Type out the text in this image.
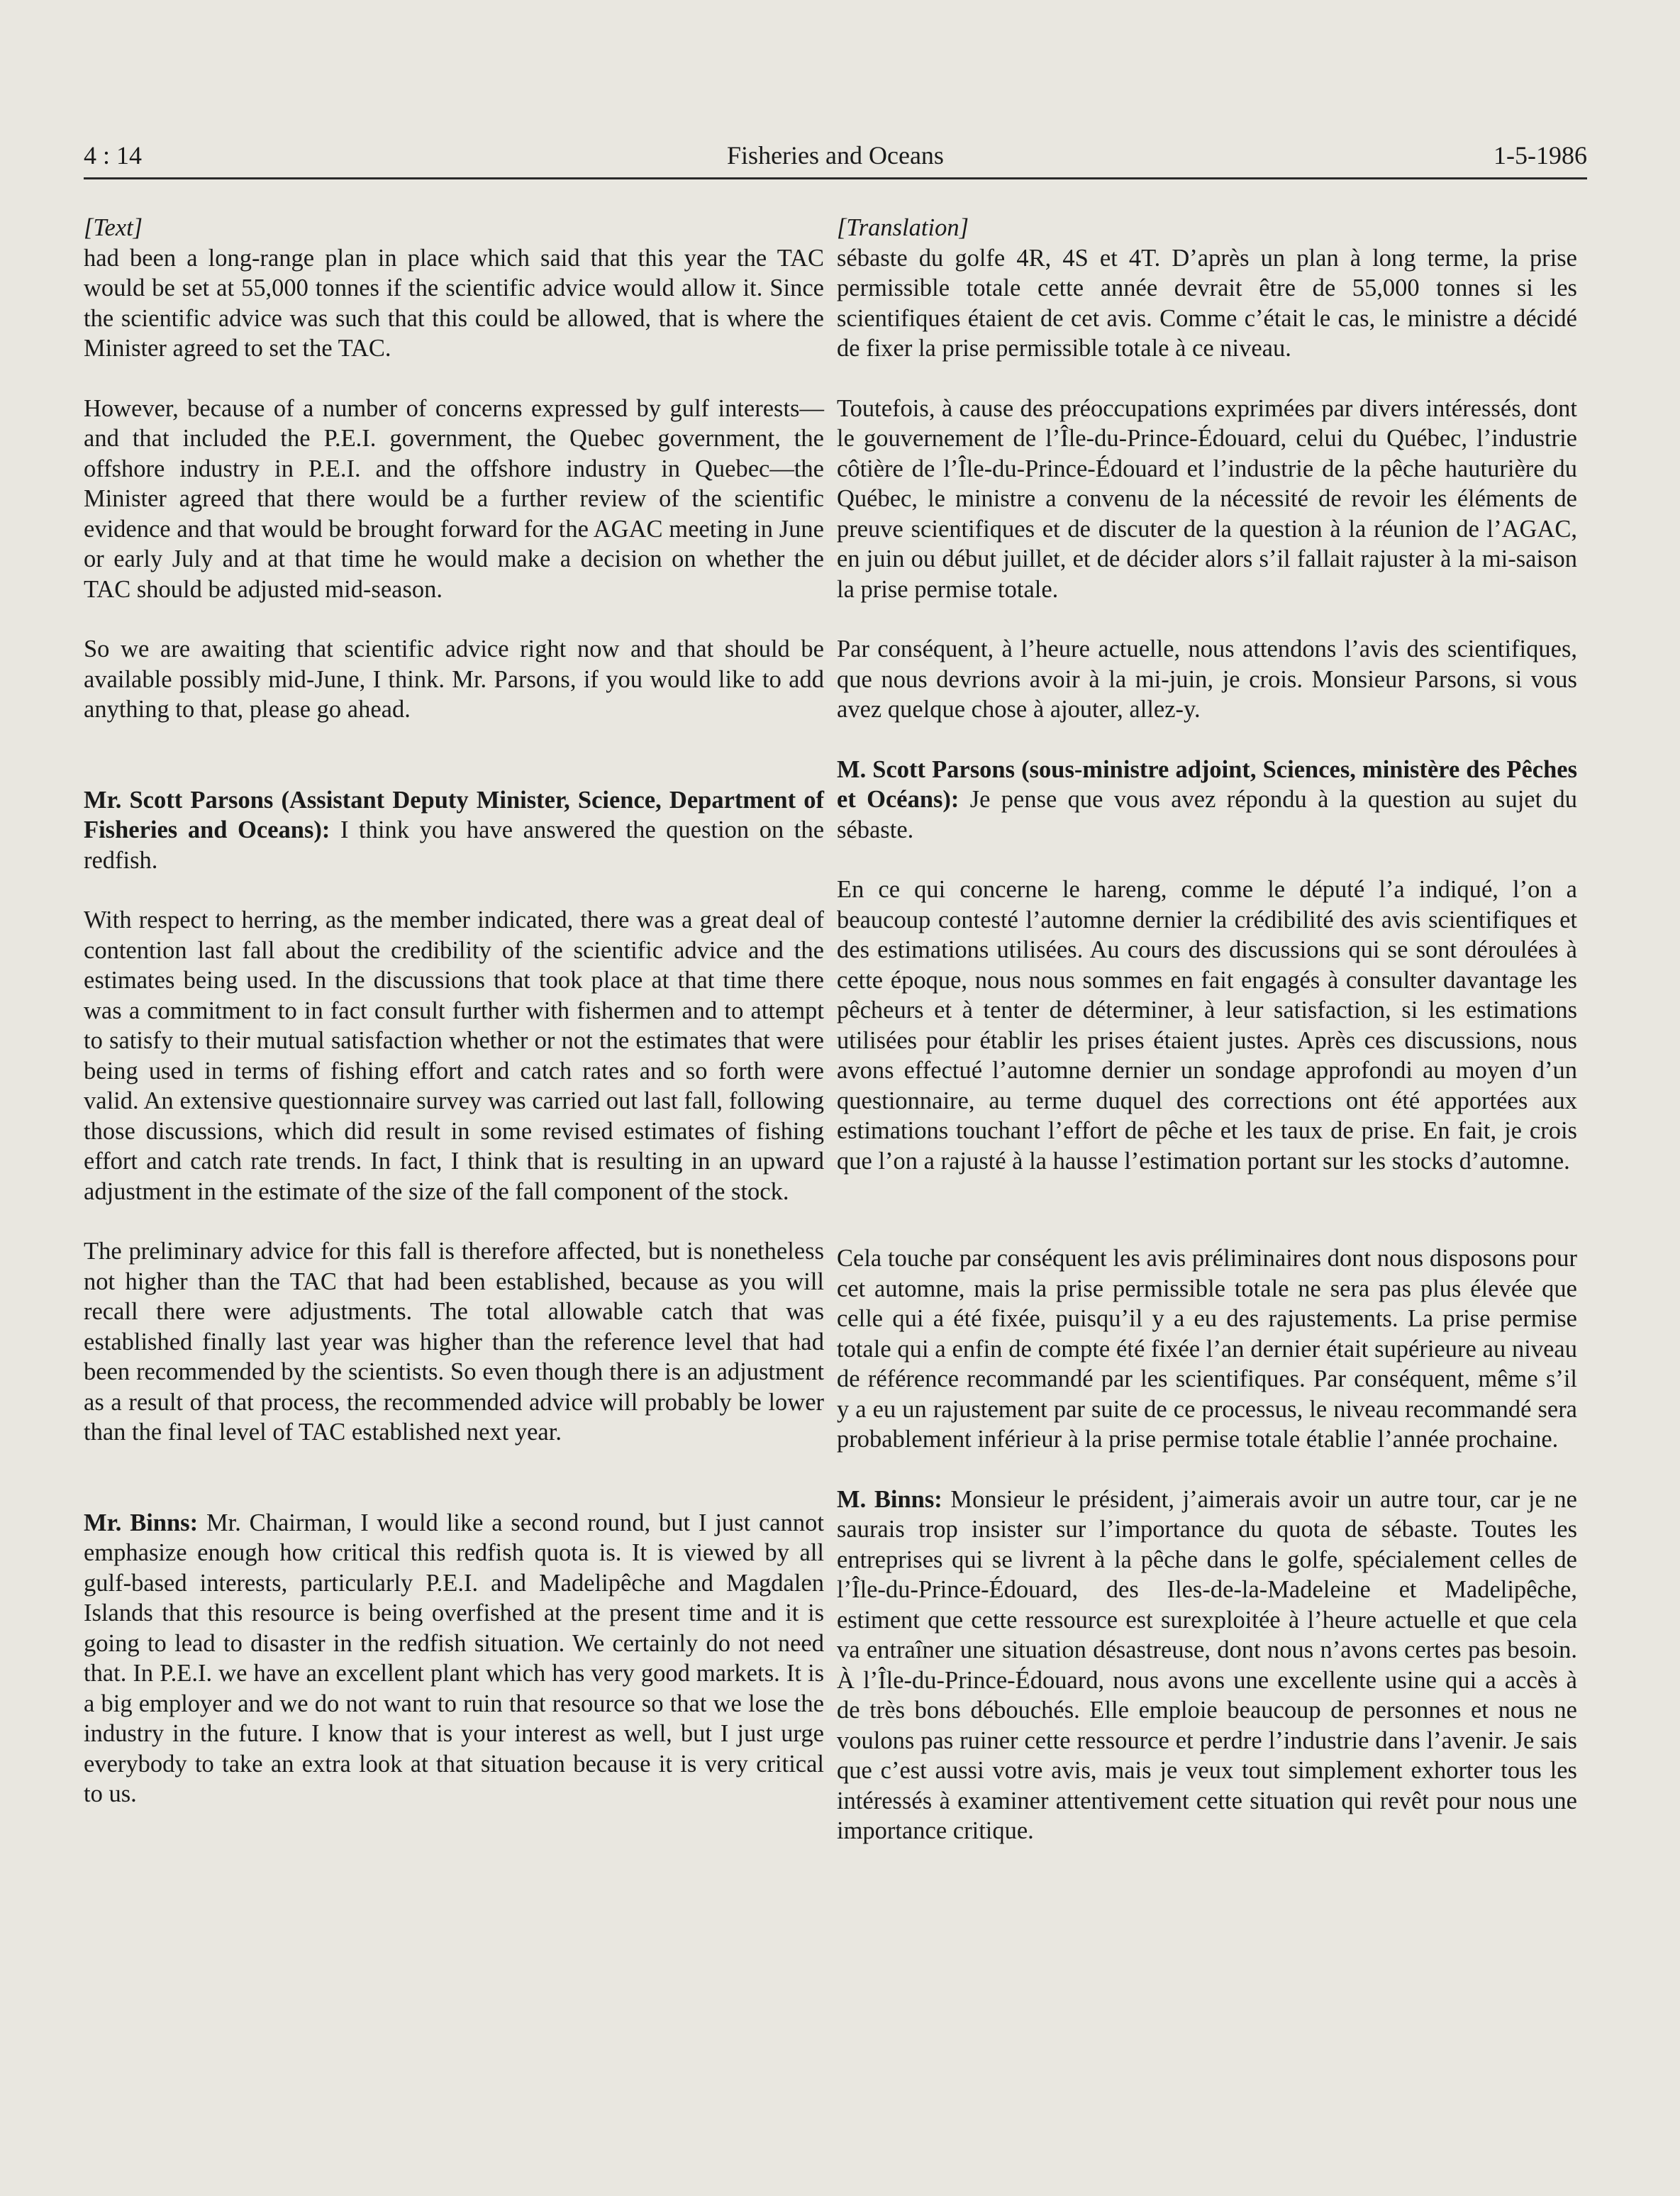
4 : 14	Fisheries and Oceans	1-5-1986

[Text]

had been a long-range plan in place which said that this year the TAC would be set at 55,000 tonnes if the scientific advice would allow it. Since the scientific advice was such that this could be allowed, that is where the Minister agreed to set the TAC.

However, because of a number of concerns expressed by gulf interests—and that included the P.E.I. government, the Quebec government, the offshore industry in P.E.I. and the offshore industry in Quebec—the Minister agreed that there would be a further review of the scientific evidence and that would be brought forward for the AGAC meeting in June or early July and at that time he would make a decision on whether the TAC should be adjusted mid-season.

So we are awaiting that scientific advice right now and that should be available possibly mid-June, I think. Mr. Parsons, if you would like to add anything to that, please go ahead.

Mr. Scott Parsons (Assistant Deputy Minister, Science, Department of Fisheries and Oceans): I think you have answered the question on the redfish.

With respect to herring, as the member indicated, there was a great deal of contention last fall about the credibility of the scientific advice and the estimates being used. In the discussions that took place at that time there was a commitment to in fact consult further with fishermen and to attempt to satisfy to their mutual satisfaction whether or not the estimates that were being used in terms of fishing effort and catch rates and so forth were valid. An extensive questionnaire survey was carried out last fall, following those discussions, which did result in some revised estimates of fishing effort and catch rate trends. In fact, I think that is resulting in an upward adjustment in the estimate of the size of the fall component of the stock.

The preliminary advice for this fall is therefore affected, but is nonetheless not higher than the TAC that had been established, because as you will recall there were adjustments. The total allowable catch that was established finally last year was higher than the reference level that had been recommended by the scientists. So even though there is an adjustment as a result of that process, the recommended advice will probably be lower than the final level of TAC established next year.

Mr. Binns: Mr. Chairman, I would like a second round, but I just cannot emphasize enough how critical this redfish quota is. It is viewed by all gulf-based interests, particularly P.E.I. and Madelipêche and Magdalen Islands that this resource is being overfished at the present time and it is going to lead to disaster in the redfish situation. We certainly do not need that. In P.E.I. we have an excellent plant which has very good markets. It is a big employer and we do not want to ruin that resource so that we lose the industry in the future. I know that is your interest as well, but I just urge everybody to take an extra look at that situation because it is very critical to us.

[Translation]

sébaste du golfe 4R, 4S et 4T. D’après un plan à long terme, la prise permissible totale cette année devrait être de 55,000 tonnes si les scientifiques étaient de cet avis. Comme c’était le cas, le ministre a décidé de fixer la prise permissible totale à ce niveau.

Toutefois, à cause des préoccupations exprimées par divers intéressés, dont le gouvernement de l’Île-du-Prince-Édouard, celui du Québec, l’industrie côtière de l’Île-du-Prince-Édouard et l’industrie de la pêche hauturière du Québec, le ministre a convenu de la nécessité de revoir les éléments de preuve scientifiques et de discuter de la question à la réunion de l’AGAC, en juin ou début juillet, et de décider alors s’il fallait rajuster à la mi-saison la prise permise totale.

Par conséquent, à l’heure actuelle, nous attendons l’avis des scientifiques, que nous devrions avoir à la mi-juin, je crois. Monsieur Parsons, si vous avez quelque chose à ajouter, allez-y.

M. Scott Parsons (sous-ministre adjoint, Sciences, ministère des Pêches et Océans): Je pense que vous avez répondu à la question au sujet du sébaste.

En ce qui concerne le hareng, comme le député l’a indiqué, l’on a beaucoup contesté l’automne dernier la crédibilité des avis scientifiques et des estimations utilisées. Au cours des discussions qui se sont déroulées à cette époque, nous nous sommes en fait engagés à consulter davantage les pêcheurs et à tenter de déterminer, à leur satisfaction, si les estimations utilisées pour établir les prises étaient justes. Après ces discussions, nous avons effectué l’automne dernier un sondage approfondi au moyen d’un questionnaire, au terme duquel des corrections ont été apportées aux estimations touchant l’effort de pêche et les taux de prise. En fait, je crois que l’on a rajusté à la hausse l’estimation portant sur les stocks d’automne.

Cela touche par conséquent les avis préliminaires dont nous disposons pour cet automne, mais la prise permissible totale ne sera pas plus élevée que celle qui a été fixée, puisqu’il y a eu des rajustements. La prise permise totale qui a enfin de compte été fixée l’an dernier était supérieure au niveau de référence recommandé par les scientifiques. Par conséquent, même s’il y a eu un rajustement par suite de ce processus, le niveau recommandé sera probablement inférieur à la prise permise totale établie l’année prochaine.

M. Binns: Monsieur le président, j’aimerais avoir un autre tour, car je ne saurais trop insister sur l’importance du quota de sébaste. Toutes les entreprises qui se livrent à la pêche dans le golfe, spécialement celles de l’Île-du-Prince-Édouard, des Iles-de-la-Madeleine et Madelipêche, estiment que cette ressource est surexploitée à l’heure actuelle et que cela va entraîner une situation désastreuse, dont nous n’avons certes pas besoin. À l’Île-du-Prince-Édouard, nous avons une excellente usine qui a accès à de très bons débouchés. Elle emploie beaucoup de personnes et nous ne voulons pas ruiner cette ressource et perdre l’industrie dans l’avenir. Je sais que c’est aussi votre avis, mais je veux tout simplement exhorter tous les intéressés à examiner attentivement cette situation qui revêt pour nous une importance critique.
